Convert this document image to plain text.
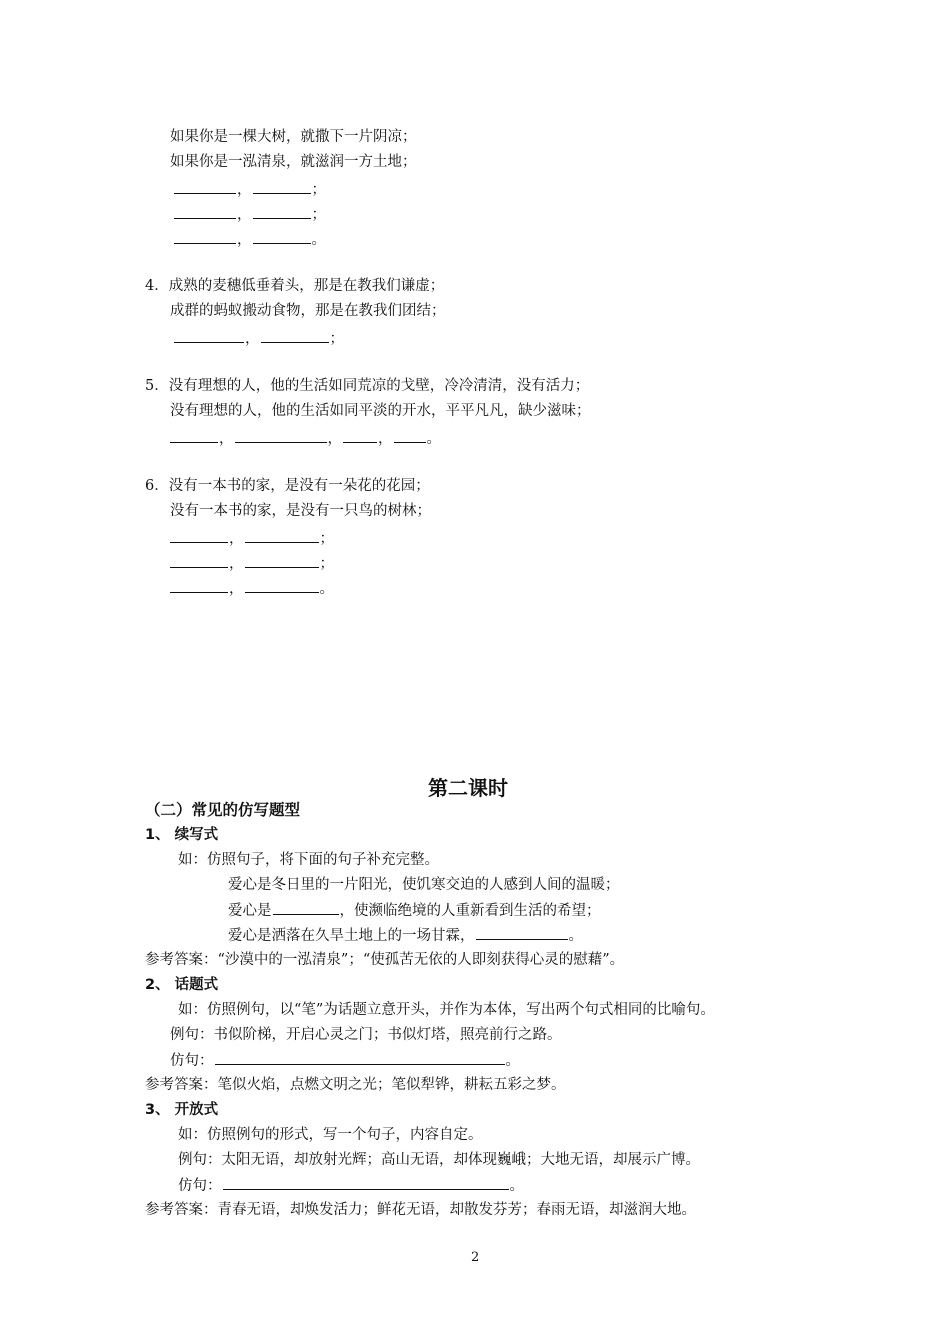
如果你是一棵大树，就撒下一片阴凉；
如果你是一泓清泉，就滋润一方土地；
，	；
，	；
，	。
4．成熟的麦穗低垂着头，那是在教我们谦虚；
成群的蚂蚁搬动食物，那是在教我们团结；
，	；
5．没有理想的人，他的生活如同荒凉的戈壁，冷冷清清，没有活力；
没有理想的人，他的生活如同平淡的开水，平平凡凡，缺少滋味；
，	， ， 。
6．没有一本书的家，是没有一朵花的花园；
没有一本书的家，是没有一只鸟的树林；
，	；
，	；
，	。
第二课时
（二）常见的仿写题型
1、 续写式
如：仿照句子，将下面的句子补充完整。
爱心是冬日里的一片阳光，使饥寒交迫的人感到人间的温暖；
爱心是	，使濒临绝境的人重新看到生活的希望；
爱心是洒落在久旱土地上的一场甘霖，	。
参考答案：“沙漠中的一泓清泉”；“使孤苦无依的人即刻获得心灵的慰藉”。
2、 话题式
如：仿照例句，以“笔”为话题立意开头，并作为本体，写出两个句式相同的比喻句。
例句：书似阶梯，开启心灵之门；书似灯塔，照亮前行之路。
仿句：	。
参考答案：笔似火焰，点燃文明之光；笔似犁铧，耕耘五彩之梦。
3、 开放式
如：仿照例句的形式，写一个句子，内容自定。
例句：太阳无语，却放射光辉；高山无语，却体现巍峨；大地无语，却展示广博。
仿句：	。
参考答案：青春无语，却焕发活力；鲜花无语，却散发芬芳；春雨无语，却滋润大地。
2
